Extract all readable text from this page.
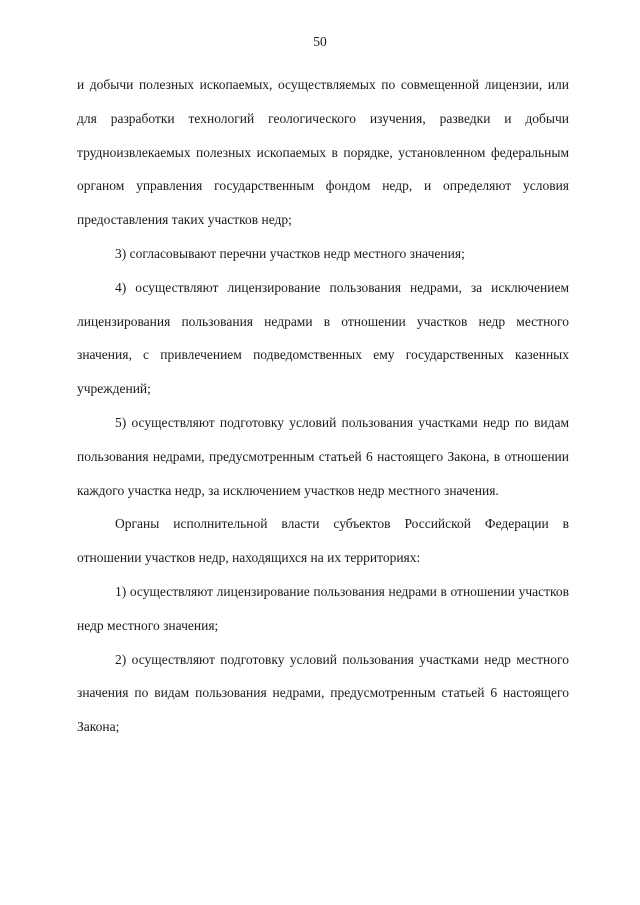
50

и добычи полезных ископаемых, осуществляемых по совмещенной лицензии, или для разработки технологий геологического изучения, разведки и добычи трудноизвлекаемых полезных ископаемых в порядке, установленном федеральным органом управления государственным фондом недр, и определяют условия предоставления таких участков недр;

3) согласовывают перечни участков недр местного значения;

4) осуществляют лицензирование пользования недрами, за исключением лицензирования пользования недрами в отношении участков недр местного значения, с привлечением подведомственных ему государственных казенных учреждений;

5) осуществляют подготовку условий пользования участками недр по видам пользования недрами, предусмотренным статьей 6 настоящего Закона, в отношении каждого участка недр, за исключением участков недр местного значения.

Органы исполнительной власти субъектов Российской Федерации в отношении участков недр, находящихся на их территориях:

1) осуществляют лицензирование пользования недрами в отношении участков недр местного значения;

2) осуществляют подготовку условий пользования участками недр местного значения по видам пользования недрами, предусмотренным статьей 6 настоящего Закона;
